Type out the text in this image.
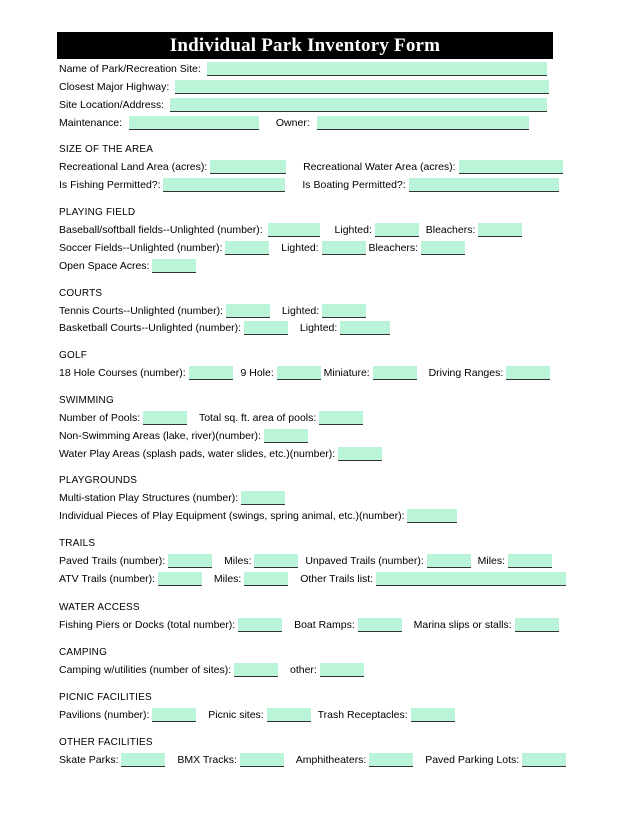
Individual Park Inventory Form
Name of Park/Recreation Site:
Closest Major Highway:
Site Location/Address:
Maintenance:	Owner:
SIZE OF THE AREA
Recreational Land Area (acres):	Recreational Water Area (acres):
Is Fishing Permitted?:	Is Boating Permitted?:
PLAYING FIELD
Baseball/softball fields--Unlighted (number):	Lighted:	Bleachers:
Soccer Fields--Unlighted (number):	Lighted:	Bleachers:
Open Space Acres:
COURTS
Tennis Courts--Unlighted (number):	Lighted:
Basketball Courts--Unlighted (number):	Lighted:
GOLF
18 Hole Courses (number):	9 Hole:	Miniature:	Driving Ranges:
SWIMMING
Number of Pools:	Total sq. ft. area of pools:
Non-Swimming Areas (lake, river)(number):
Water Play Areas (splash pads, water slides, etc.)(number):
PLAYGROUNDS
Multi-station Play Structures (number):
Individual Pieces of Play Equipment (swings, spring animal, etc.)(number):
TRAILS
Paved Trails (number):	Miles:	Unpaved Trails (number):	Miles:
ATV Trails (number):	Miles:	Other Trails list:
WATER ACCESS
Fishing Piers or Docks (total number):	Boat Ramps:	Marina slips or stalls:
CAMPING
Camping w/utilities (number of sites):	other:
PICNIC FACILITIES
Pavilions (number):	Picnic sites:	Trash Receptacles:
OTHER FACILITIES
Skate Parks:	BMX Tracks:	Amphitheaters:	Paved Parking Lots:
